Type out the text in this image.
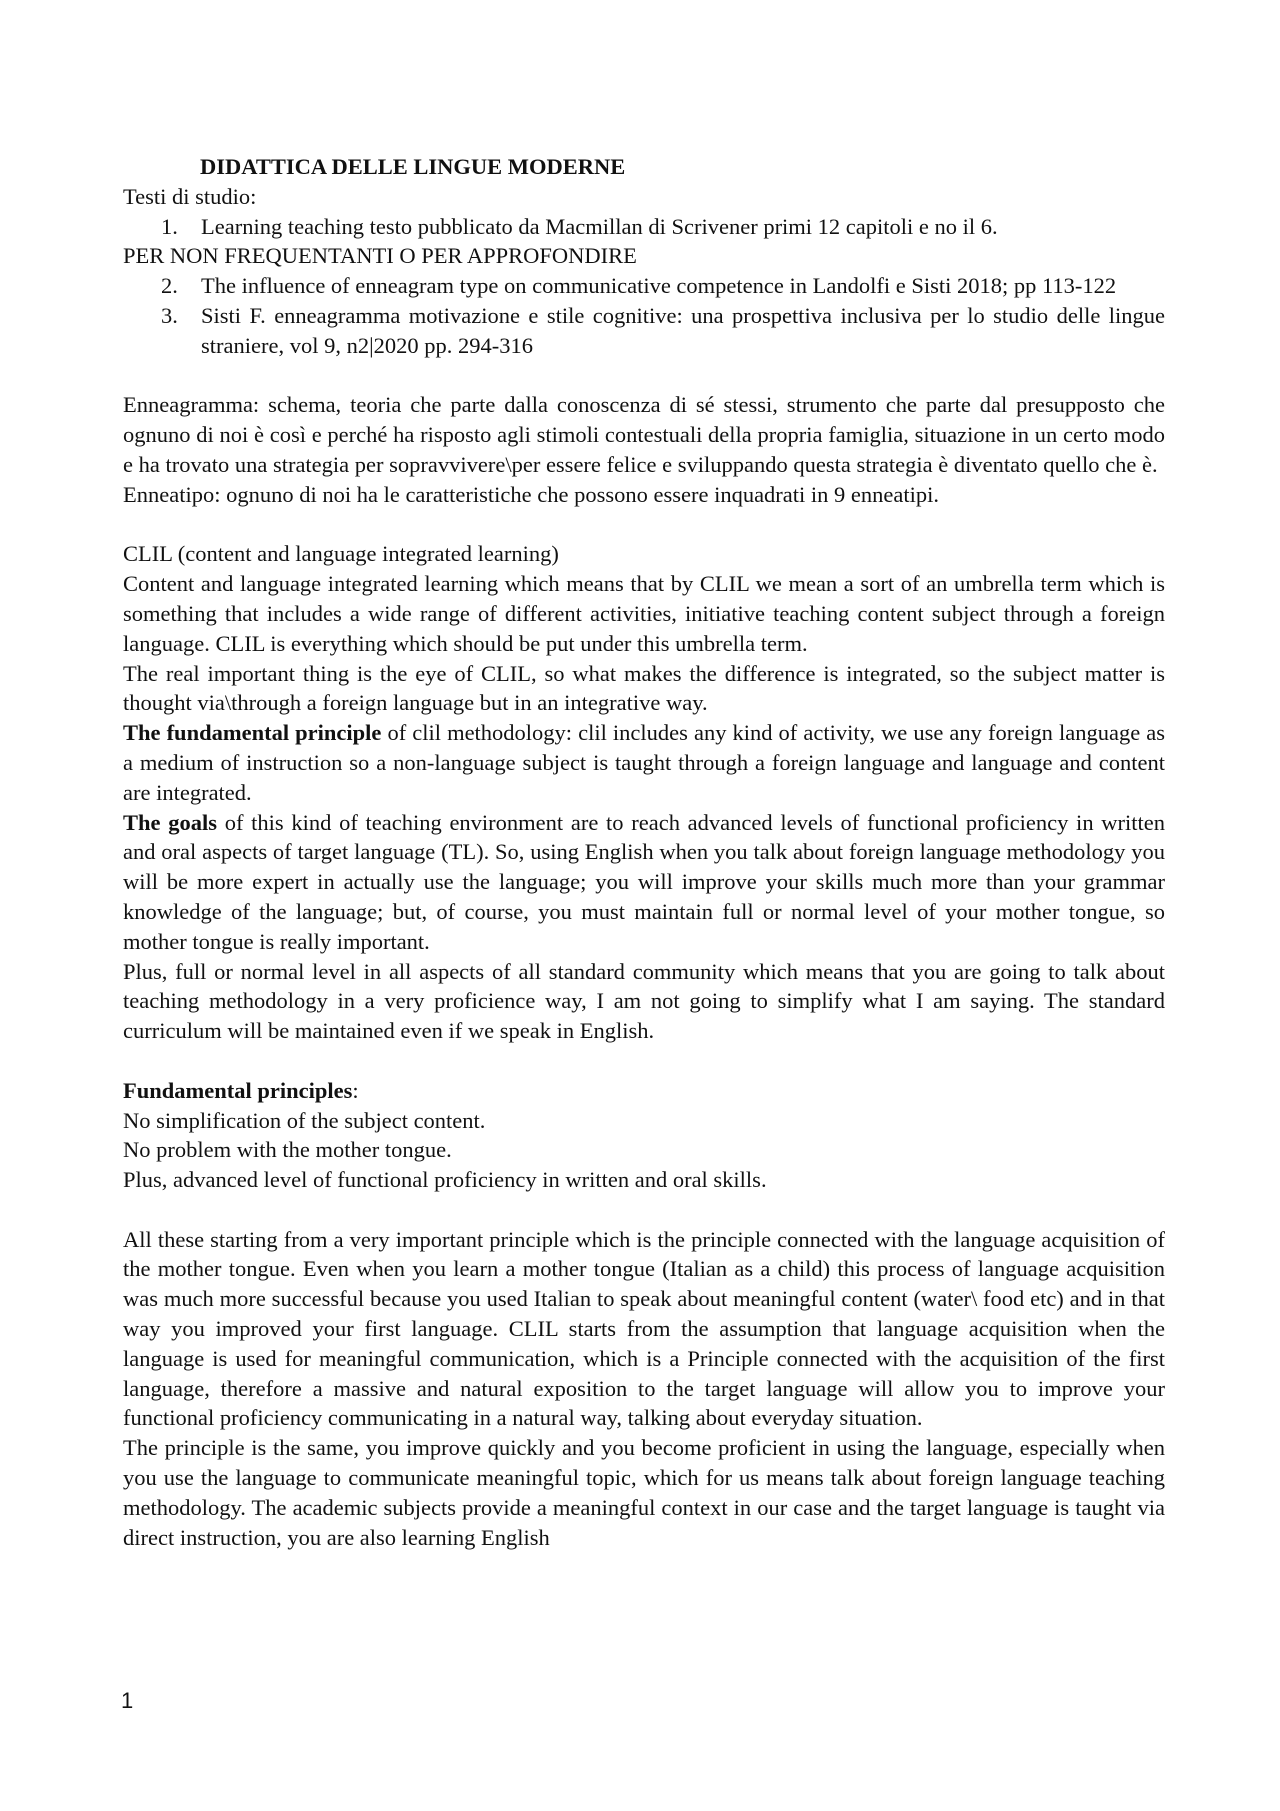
DIDATTICA DELLE LINGUE MODERNE

Testi di studio:

1. Learning teaching testo pubblicato da Macmillan di Scrivener primi 12 capitoli e no il 6.

PER NON FREQUENTANTI O PER APPROFONDIRE

2. The influence of enneagram type on communicative competence in Landolfi e Sisti 2018; pp 113-122
3. Sisti F. enneagramma motivazione e stile cognitive: una prospettiva inclusiva per lo studio delle lingue straniere, vol 9, n2|2020 pp. 294-316

Enneagramma: schema, teoria che parte dalla conoscenza di sé stessi, strumento che parte dal presupposto che ognuno di noi è così e perché ha risposto agli stimoli contestuali della propria famiglia, situazione in un certo modo e ha trovato una strategia per sopravvivere\per essere felice e sviluppando questa strategia è diventato quello che è.

Enneatipo: ognuno di noi ha le caratteristiche che possono essere inquadrati in 9 enneatipi.

CLIL (content and language integrated learning)

Content and language integrated learning which means that by CLIL we mean a sort of an umbrella term which is something that includes a wide range of different activities, initiative teaching content subject through a foreign language. CLIL is everything which should be put under this umbrella term.

The real important thing is the eye of CLIL, so what makes the difference is integrated, so the subject matter is thought via\through a foreign language but in an integrative way.

The fundamental principle of clil methodology: clil includes any kind of activity, we use any foreign language as a medium of instruction so a non-language subject is taught through a foreign language and language and content are integrated.

The goals of this kind of teaching environment are to reach advanced levels of functional proficiency in written and oral aspects of target language (TL). So, using English when you talk about foreign language methodology you will be more expert in actually use the language; you will improve your skills much more than your grammar knowledge of the language; but, of course, you must maintain full or normal level of your mother tongue, so mother tongue is really important.

Plus, full or normal level in all aspects of all standard community which means that you are going to talk about teaching methodology in a very proficience way, I am not going to simplify what I am saying. The standard curriculum will be maintained even if we speak in English.

Fundamental principles:

No simplification of the subject content.

No problem with the mother tongue.

Plus, advanced level of functional proficiency in written and oral skills.

All these starting from a very important principle which is the principle connected with the language acquisition of the mother tongue. Even when you learn a mother tongue (Italian as a child) this process of language acquisition was much more successful because you used Italian to speak about meaningful content (water\ food etc) and in that way you improved your first language. CLIL starts from the assumption that language acquisition when the language is used for meaningful communication, which is a Principle connected with the acquisition of the first language, therefore a massive and natural exposition to the target language will allow you to improve your functional proficiency communicating in a natural way, talking about everyday situation.

The principle is the same, you improve quickly and you become proficient in using the language, especially when you use the language to communicate meaningful topic, which for us means talk about foreign language teaching methodology. The academic subjects provide a meaningful context in our case and the target language is taught via direct instruction, you are also learning English

1
